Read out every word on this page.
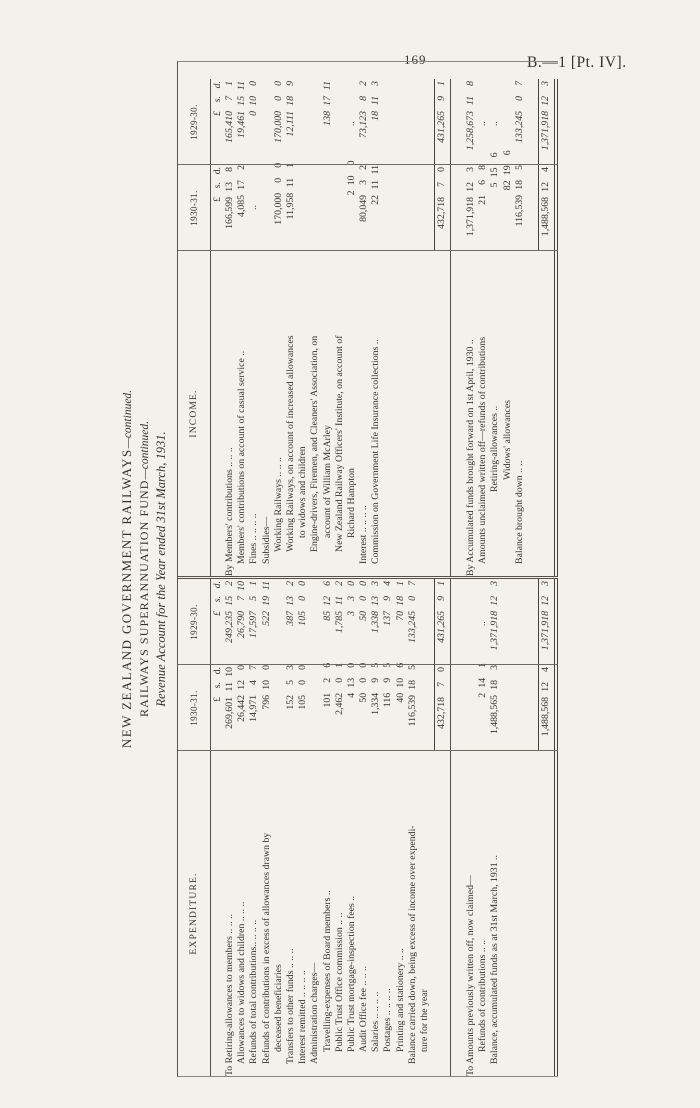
169	B.—1 [Pt. IV].
NEW ZEALAND GOVERNMENT RAILWAYS—continued.
RAILWAYS SUPERANNUATION FUND—continued. Revenue Account for the Year ended 31st March, 1931.
EXPENDITURE.
1930-31.
1929-30.
£
s.
d.
£
s.
d.
To Retiring-allowances to members .. .. ..
269,601
11
10
249,235
15
2
Allowances to widows and children .. .. ..
26,442
12
0
26,790
7
10
Refunds of total contributions.. .. .. ..
14,971
4
7
17,597
5
1
Refunds of contributions in excess of allowances drawn by
796
10
0
522
19
11
deceased beneficiaries Transfers to other funds .. .. ..
152
5
3
387
13
2
Interest remitted .. .. .. ..
105
0
0
105
0
0
Administration charges— Travelling-expenses of Board members ..
101
2
6
85
12
6
Public Trust Office commission .. ..
2,462
0
1
1,785
11
2
Public Trust mortgage-inspection fees ..
4
13
0
3
3
0
Audit Office fee .. .. ..
50
0
0
50
0
0
Salaries .. .. .. ..
1,334
9
5
1,338
13
3
Postages .. .. .. ..
116
9
5
137
9
4
Printing and stationery .. ..
40
10
6
70
18
1
Balance carried down, being excess of income over expendi-
116,539
18
5
133,245
0
7
ture for the year
432,718
7
0
431,265
9
1
To Amounts previously written off, now claimed— Refunds of contributions .. ..
2
14
1
..
Balance, accumulated funds as at 31st March, 1931 ..
1,488,565
18
3
1,371,918
12
3
1,488,568
12
4
1,371,918
12
3
INCOME.
1930-31.
1929-30.
£
s.
d.
£
s.
d.
By Members' contributions .. .. ..
166,599
13
8
165,410
7
1
Members' contributions on account of casual service ..
4,085
17
2
19,461
15
11
Fines .. .. .. ..
..
0
10
0
Subsidies— Working Railways .. .. ..
170,000
0
0
170,000
0
0
Working Railways, on account of increased allowances
11,958
11
1
12,111
18
9
to widows and children Engine-drivers, Firemen, and Cleaners' Association, on account of William McArley
138
17
11
New Zealand Railway Officers' Institute, on account of Richard Hampton
2
10
0
..
Interest .. .. .. ..
80,049
3
2
73,123
8
2
Commission on Government Life Insurance collections ..
22
11
11
18
11
3
432,718
7
0
431,265
9
1
By Accumulated funds brought forward on 1st April, 1930 ..
1,371,918
12
3
1,258,673
11
8
Amounts unclaimed written off—refunds of contributions
21
6
8
..
Retiring-allowances ..
5
15
6
..
Widows' allowances
82
19
6
Balance brought down .. ..
116,539
18
5
133,245
0
7
1,488,568
12
4
1,371,918
12
3
